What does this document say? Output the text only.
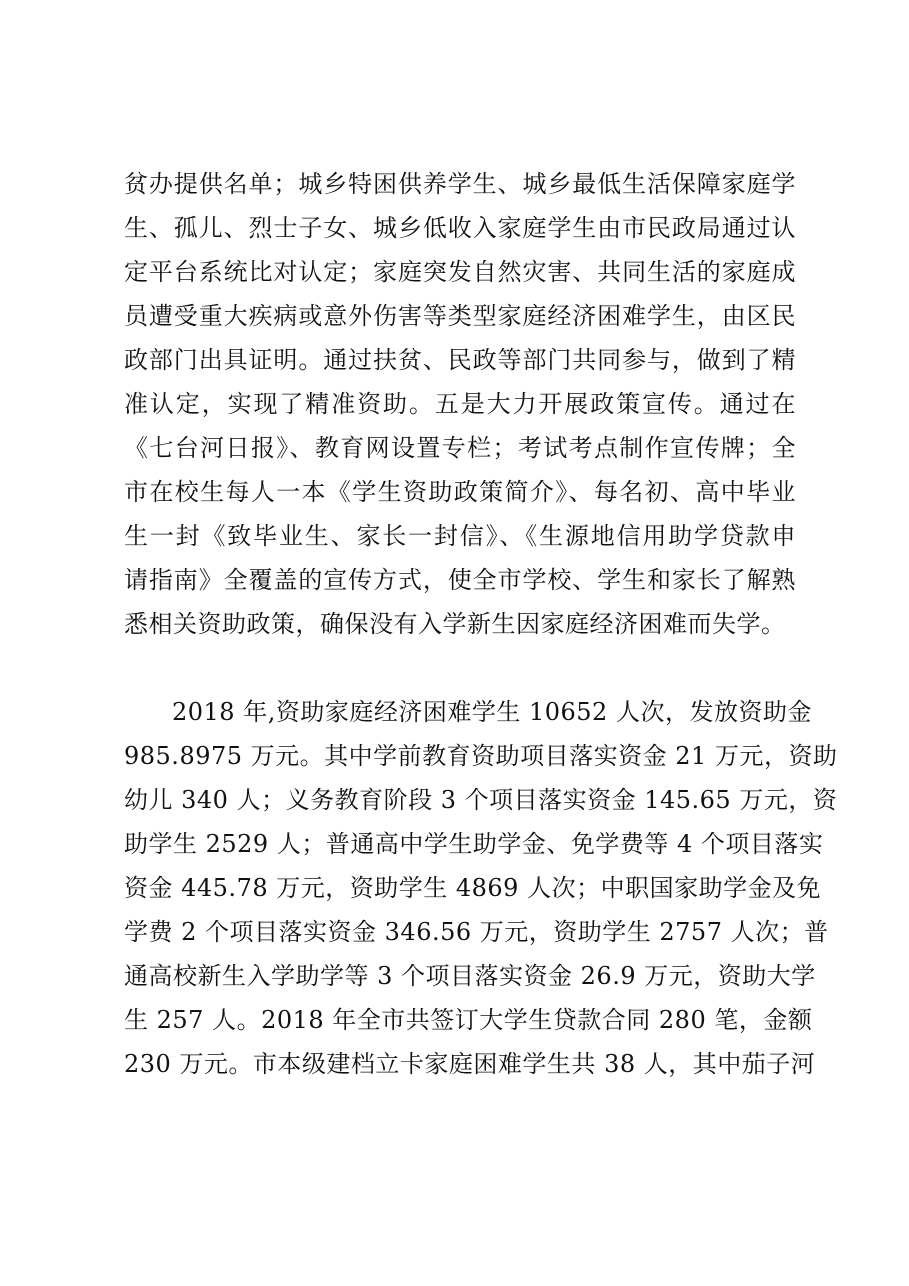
贫办提供名单；城乡特困供养学生、城乡最低生活保障家庭学
生、孤儿、烈士子女、城乡低收入家庭学生由市民政局通过认
定平台系统比对认定；家庭突发自然灾害、共同生活的家庭成
员遭受重大疾病或意外伤害等类型家庭经济困难学生，由区民
政部门出具证明。通过扶贫、民政等部门共同参与，做到了精
准认定，实现了精准资助。五是大力开展政策宣传。通过在
《七台河日报》、教育网设置专栏；考试考点制作宣传牌；全
市在校生每人一本《学生资助政策简介》、每名初、高中毕业
生一封《致毕业生、家长一封信》、《生源地信用助学贷款申
请指南》全覆盖的宣传方式，使全市学校、学生和家长了解熟
悉相关资助政策，确保没有入学新生因家庭经济困难而失学。
2018 年,资助家庭经济困难学生 10652 人次，发放资助金
985.8975 万元。其中学前教育资助项目落实资金 21 万元，资助
幼儿 340 人；义务教育阶段 3 个项目落实资金 145.65 万元，资
助学生 2529 人；普通高中学生助学金、免学费等 4 个项目落实
资金 445.78 万元，资助学生 4869 人次；中职国家助学金及免
学费 2 个项目落实资金 346.56 万元，资助学生 2757 人次；普
通高校新生入学助学等 3 个项目落实资金 26.9 万元，资助大学
生 257 人。2018 年全市共签订大学生贷款合同 280 笔，金额
230 万元。市本级建档立卡家庭困难学生共 38 人，其中茄子河
